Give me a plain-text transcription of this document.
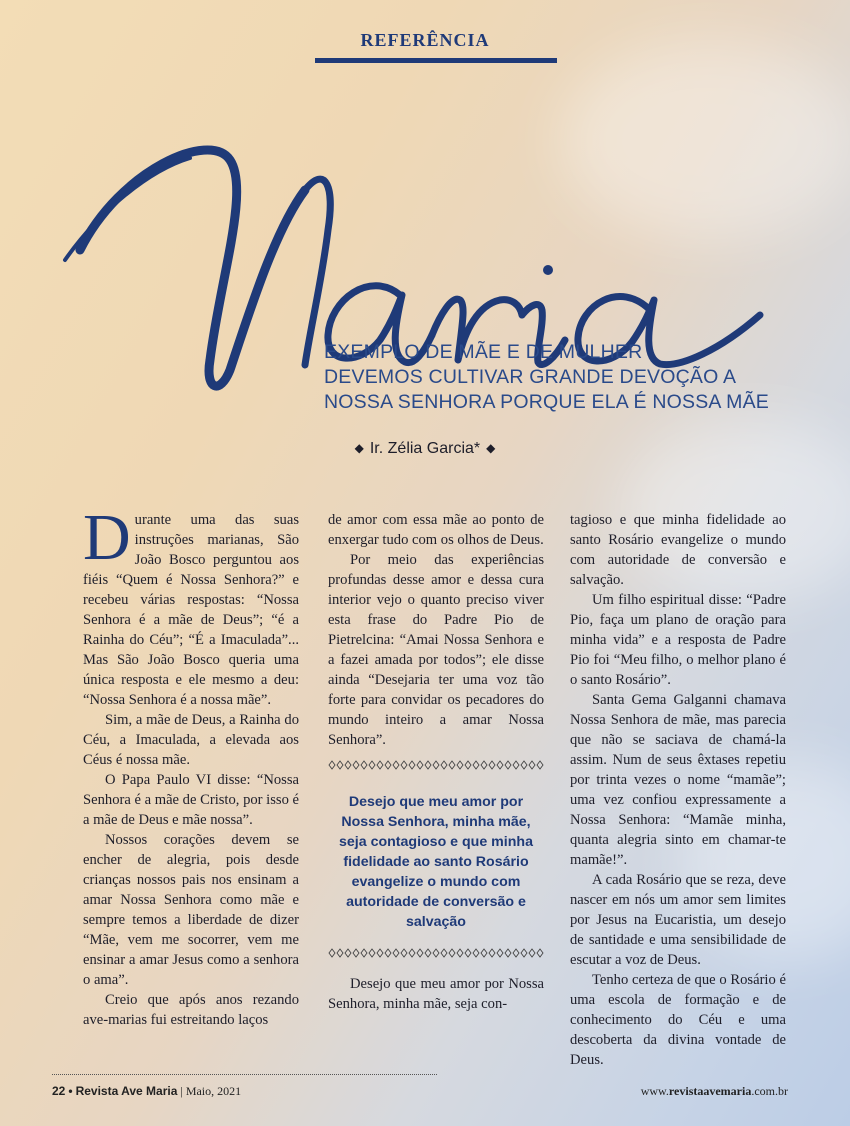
REFERÊNCIA
EXEMPLO DE MÃE E DE MULHER
DEVEMOS CULTIVAR GRANDE DEVOÇÃO A
NOSSA SENHORA PORQUE ELA É NOSSA MÃE
◆ Ir. Zélia Garcia* ◆

Durante uma das suas instruções marianas, São João Bosco perguntou aos fiéis “Quem é Nossa Senhora?” e recebeu várias respostas: “Nossa Senhora é a mãe de Deus”; “é a Rainha do Céu”; “É a Imaculada”... Mas São João Bosco queria uma única resposta e ele mesmo a deu: “Nossa Senhora é a nossa mãe”.

Sim, a mãe de Deus, a Rainha do Céu, a Imaculada, a elevada aos Céus é nossa mãe.

O Papa Paulo VI disse: “Nossa Senhora é a mãe de Cristo, por isso é a mãe de Deus e mãe nossa”.

Nossos corações devem se encher de alegria, pois desde crianças nossos pais nos ensinam a amar Nossa Senhora como mãe e sempre temos a liberdade de dizer “Mãe, vem me socorrer, vem me ensinar a amar Jesus como a senhora o ama”.

Creio que após anos rezando ave-marias fui estreitando laços

de amor com essa mãe ao ponto de enxergar tudo com os olhos de Deus.

Por meio das experiências profundas desse amor e dessa cura interior vejo o quanto preciso viver esta frase do Padre Pio de Pietrelcina: “Amai Nossa Senhora e a fazei amada por todos”; ele disse ainda “Desejaria ter uma voz tão forte para convidar os pecadores do mundo inteiro a amar Nossa Senhora”.

Desejo que meu amor por Nossa Senhora, minha mãe, seja contagioso e que minha fidelidade ao santo Rosário evangelize o mundo com autoridade de conversão e salvação

Desejo que meu amor por Nossa Senhora, minha mãe, seja con-

tagioso e que minha fidelidade ao santo Rosário evangelize o mundo com autoridade de conversão e salvação.

Um filho espiritual disse: “Padre Pio, faça um plano de oração para minha vida” e a resposta de Padre Pio foi “Meu filho, o melhor plano é o santo Rosário”.

Santa Gema Galganni chamava Nossa Senhora de mãe, mas parecia que não se saciava de chamá-la assim. Num de seus êxtases repetiu por trinta vezes o nome “mamãe”; uma vez confiou expressamente a Nossa Senhora: “Mamãe minha, quanta alegria sinto em chamar-te mamãe!”.

A cada Rosário que se reza, deve nascer em nós um amor sem limites por Jesus na Eucaristia, um desejo de santidade e uma sensibilidade de escutar a voz de Deus.

Tenho certeza de que o Rosário é uma escola de formação e de conhecimento do Céu e uma descoberta da divina vontade de Deus.

22 • Revista Ave Maria | Maio, 2021	www.revistaavemaria.com.br
